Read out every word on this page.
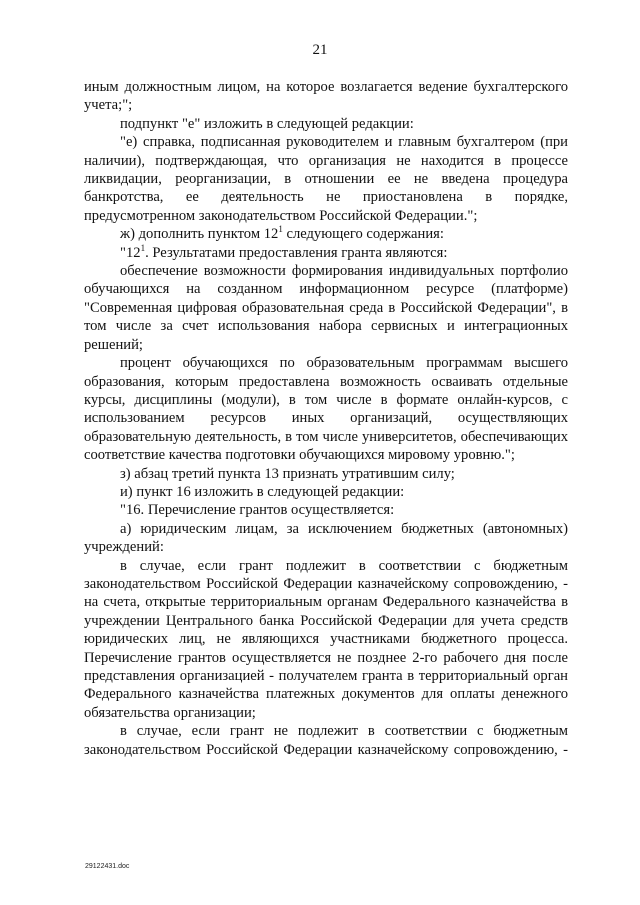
21

иным должностным лицом, на которое возлагается ведение бухгалтерского учета;";

подпункт "е" изложить в следующей редакции:

"е) справка, подписанная руководителем и главным бухгалтером (при наличии), подтверждающая, что организация не находится в процессе ликвидации, реорганизации, в отношении ее не введена процедура банкротства, ее деятельность не приостановлена в порядке, предусмотренном законодательством Российской Федерации.";

ж) дополнить пунктом $12^1$ следующего содержания:

"$12^1$. Результатами предоставления гранта являются:

обеспечение возможности формирования индивидуальных портфолио обучающихся на созданном информационном ресурсе (платформе) "Современная цифровая образовательная среда в Российской Федерации", в том числе за счет использования набора сервисных и интеграционных решений;

процент обучающихся по образовательным программам высшего образования, которым предоставлена возможность осваивать отдельные курсы, дисциплины (модули), в том числе в формате онлайн-курсов, с использованием ресурсов иных организаций, осуществляющих образовательную деятельность, в том числе университетов, обеспечивающих соответствие качества подготовки обучающихся мировому уровню.";

з) абзац третий пункта 13 признать утратившим силу;

и) пункт 16 изложить в следующей редакции:

"16. Перечисление грантов осуществляется:

а) юридическим лицам, за исключением бюджетных (автономных) учреждений:

в случае, если грант подлежит в соответствии с бюджетным законодательством Российской Федерации казначейскому сопровождению, - на счета, открытые территориальным органам Федерального казначейства в учреждении Центрального банка Российской Федерации для учета средств юридических лиц, не являющихся участниками бюджетного процесса. Перечисление грантов осуществляется не позднее 2-го рабочего дня после представления организацией - получателем гранта в территориальный орган Федерального казначейства платежных документов для оплаты денежного обязательства организации;

в случае, если грант не подлежит в соответствии с бюджетным законодательством Российской Федерации казначейскому сопровождению, -

29122431.doc
